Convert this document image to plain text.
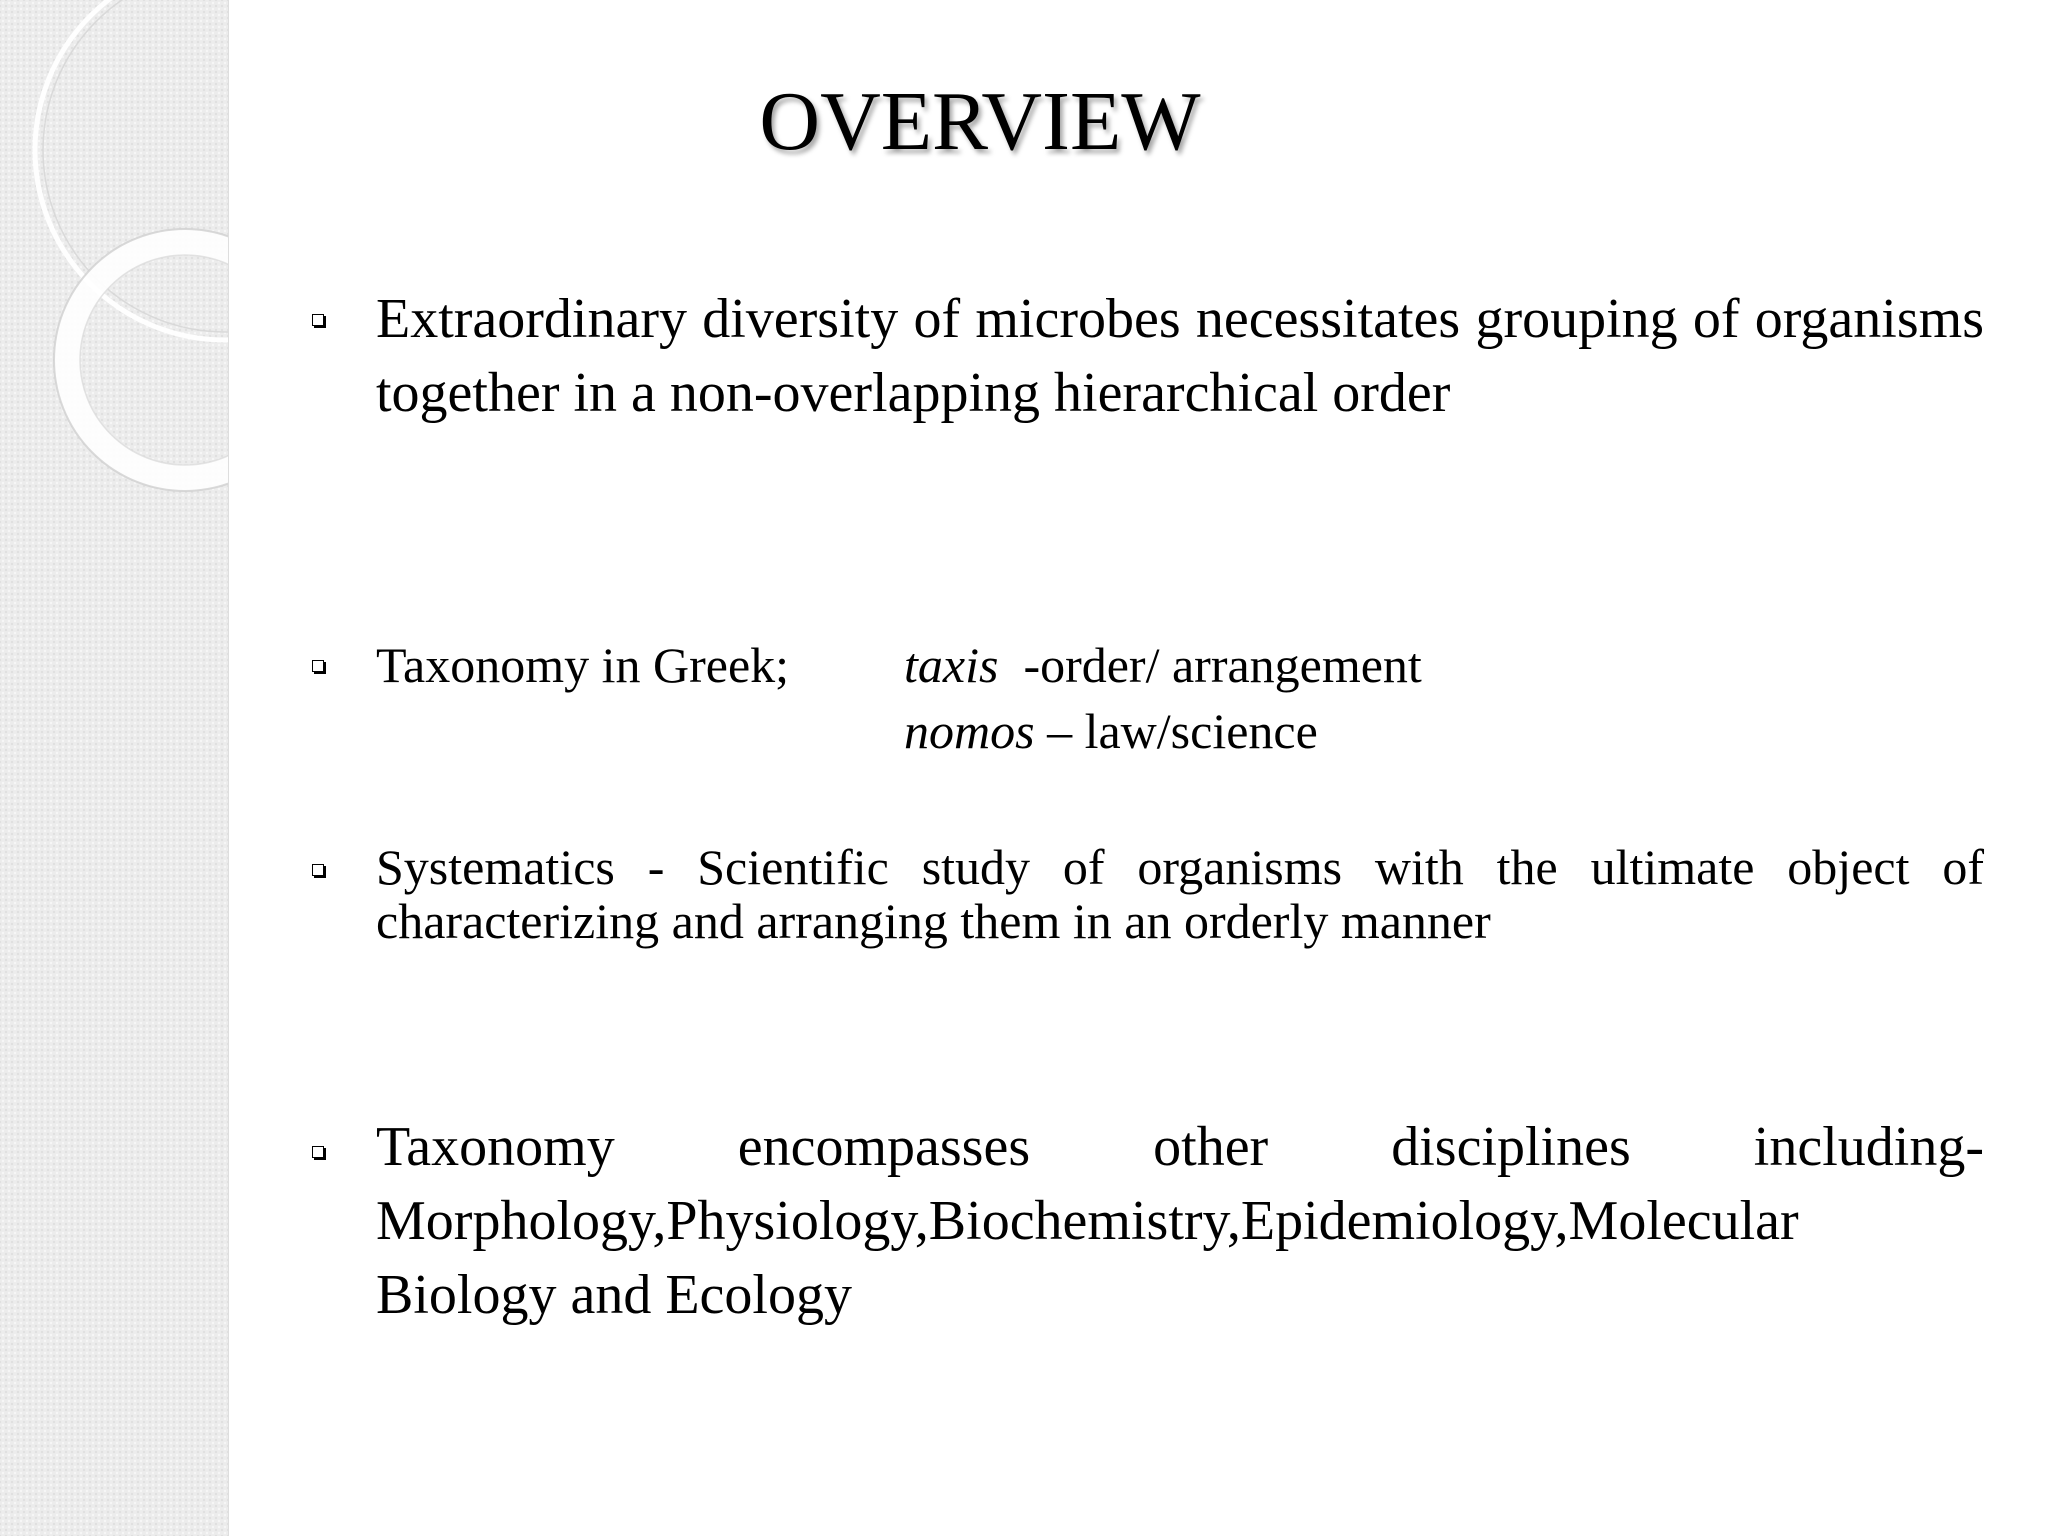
OVERVIEW
Extraordinary diversity of microbes necessitates grouping of organisms together in a non-overlapping hierarchical order
Taxonomy in Greek; taxis -order/ arrangement
nomos – law/science
Systematics - Scientific study of organisms with the ultimate object of characterizing and arranging them in an orderly manner
Taxonomy encompasses other disciplines including-
Morphology,Physiology,Biochemistry,Epidemiology,Molecular
Biology and Ecology
